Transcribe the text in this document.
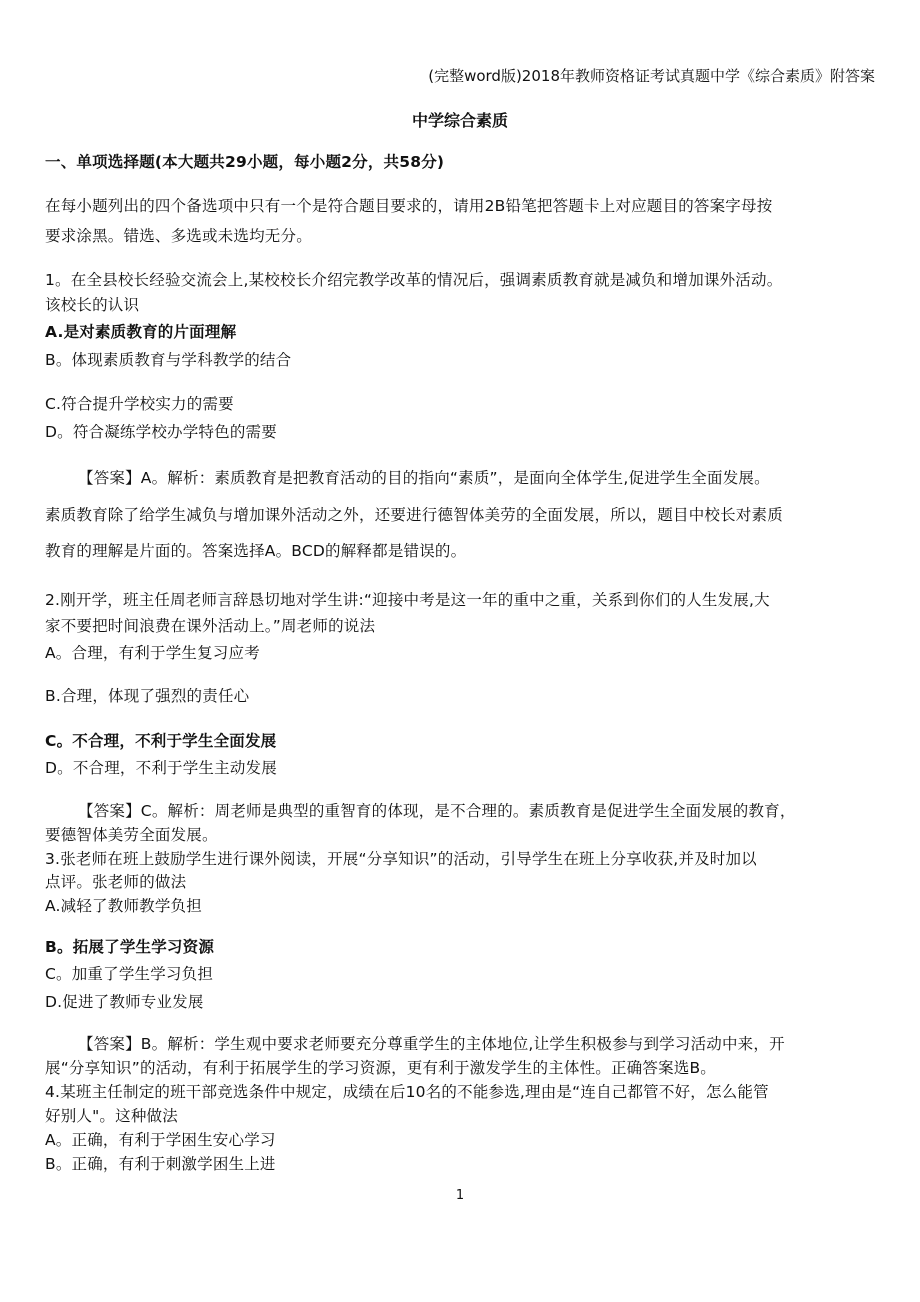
(完整word版)2018年教师资格证考试真题中学《综合素质》附答案
中学综合素质
一、单项选择题(本大题共29小题，每小题2分，共58分)
在每小题列出的四个备选项中只有一个是符合题目要求的，请用2B铅笔把答题卡上对应题目的答案字母按
要求涂黑。错选、多选或未选均无分。
1。在全县校长经验交流会上,某校校长介绍完教学改革的情况后，强调素质教育就是减负和增加课外活动。
该校长的认识
A.是对素质教育的片面理解
B。体现素质教育与学科教学的结合
C.符合提升学校实力的需要
D。符合凝练学校办学特色的需要
【答案】A。解析：素质教育是把教育活动的目的指向“素质”，是面向全体学生,促进学生全面发展。
素质教育除了给学生减负与增加课外活动之外，还要进行德智体美劳的全面发展，所以，题目中校长对素质
教育的理解是片面的。答案选择A。BCD的解释都是错误的。
2.刚开学，班主任周老师言辞恳切地对学生讲:“迎接中考是这一年的重中之重，关系到你们的人生发展,大
家不要把时间浪费在课外活动上。”周老师的说法
A。合理，有利于学生复习应考
B.合理，体现了强烈的责任心
C。不合理，不利于学生全面发展
D。不合理，不利于学生主动发展
【答案】C。解析：周老师是典型的重智育的体现，是不合理的。素质教育是促进学生全面发展的教育，
要德智体美劳全面发展。
3.张老师在班上鼓励学生进行课外阅读，开展“分享知识”的活动，引导学生在班上分享收获,并及时加以
点评。张老师的做法
A.减轻了教师教学负担
B。拓展了学生学习资源
C。加重了学生学习负担
D.促进了教师专业发展
【答案】B。解析：学生观中要求老师要充分尊重学生的主体地位,让学生积极参与到学习活动中来，开
展“分享知识”的活动，有利于拓展学生的学习资源，更有利于激发学生的主体性。正确答案选B。
4.某班主任制定的班干部竞选条件中规定，成绩在后10名的不能参选,理由是“连自己都管不好，怎么能管
好别人"。这种做法
A。正确，有利于学困生安心学习
B。正确，有利于刺激学困生上进
1
